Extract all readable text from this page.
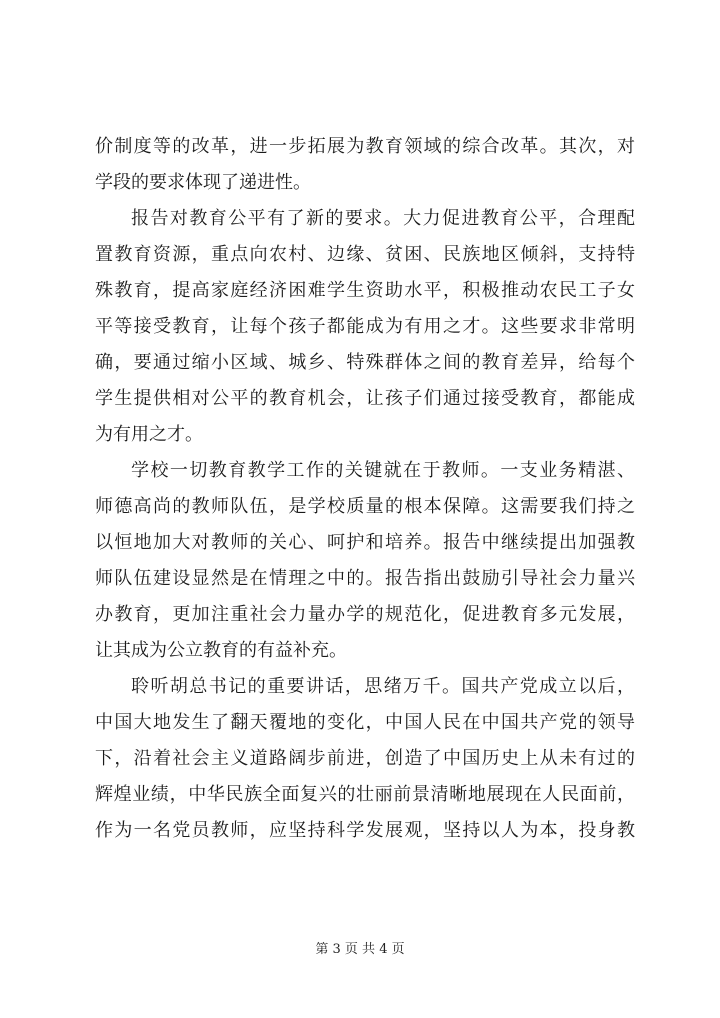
价制度等的改革，进一步拓展为教育领域的综合改革。其次，对
学段的要求体现了递进性。
报告对教育公平有了新的要求。大力促进教育公平，合理配
置教育资源，重点向农村、边缘、贫困、民族地区倾斜，支持特
殊教育，提高家庭经济困难学生资助水平，积极推动农民工子女
平等接受教育，让每个孩子都能成为有用之才。这些要求非常明
确，要通过缩小区域、城乡、特殊群体之间的教育差异，给每个
学生提供相对公平的教育机会，让孩子们通过接受教育，都能成
为有用之才。
学校一切教育教学工作的关键就在于教师。一支业务精湛、
师德高尚的教师队伍，是学校质量的根本保障。这需要我们持之
以恒地加大对教师的关心、呵护和培养。报告中继续提出加强教
师队伍建设显然是在情理之中的。报告指出鼓励引导社会力量兴
办教育，更加注重社会力量办学的规范化，促进教育多元发展，
让其成为公立教育的有益补充。
聆听胡总书记的重要讲话，思绪万千。国共产党成立以后，
中国大地发生了翻天覆地的变化，中国人民在中国共产党的领导
下，沿着社会主义道路阔步前进，创造了中国历史上从未有过的
辉煌业绩，中华民族全面复兴的壮丽前景清晰地展现在人民面前，
作为一名党员教师，应坚持科学发展观，坚持以人为本，投身教
第 3 页 共 4 页
